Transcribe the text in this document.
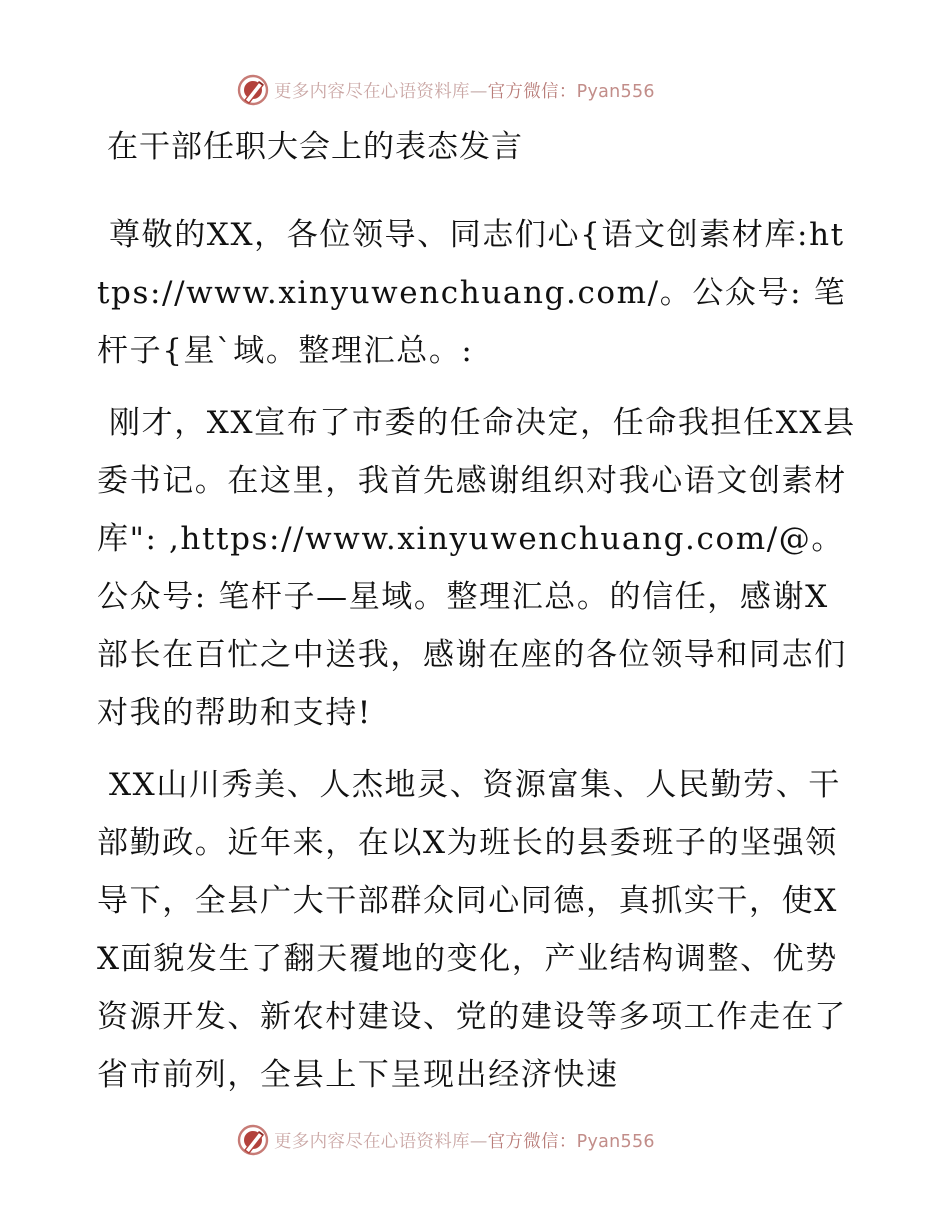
更多内容尽在心语资料库—官方微信：Pyan556
在干部任职大会上的表态发言

尊敬的XX，各位领导、同志们心{语文创素材库:https://www.xinyuwenchuang.com/。公众号: 笔杆子{星ˋ域。整理汇总。:

刚才，XX宣布了市委的任命决定，任命我担任XX县委书记。在这里，我首先感谢组织对我心语文创素材库": ,https://www.xinyuwenchuang.com/@。公众号: 笔杆子—星域。整理汇总。的信任，感谢X部长在百忙之中送我，感谢在座的各位领导和同志们对我的帮助和支持!

XX山川秀美、人杰地灵、资源富集、人民勤劳、干部勤政。近年来，在以X为班长的县委班子的坚强领导下，全县广大干部群众同心同德，真抓实干，使XX面貌发生了翻天覆地的变化，产业结构调整、优势资源开发、新农村建设、党的建设等多项工作走在了省市前列，全县上下呈现出经济快速

更多内容尽在心语资料库—官方微信：Pyan556
